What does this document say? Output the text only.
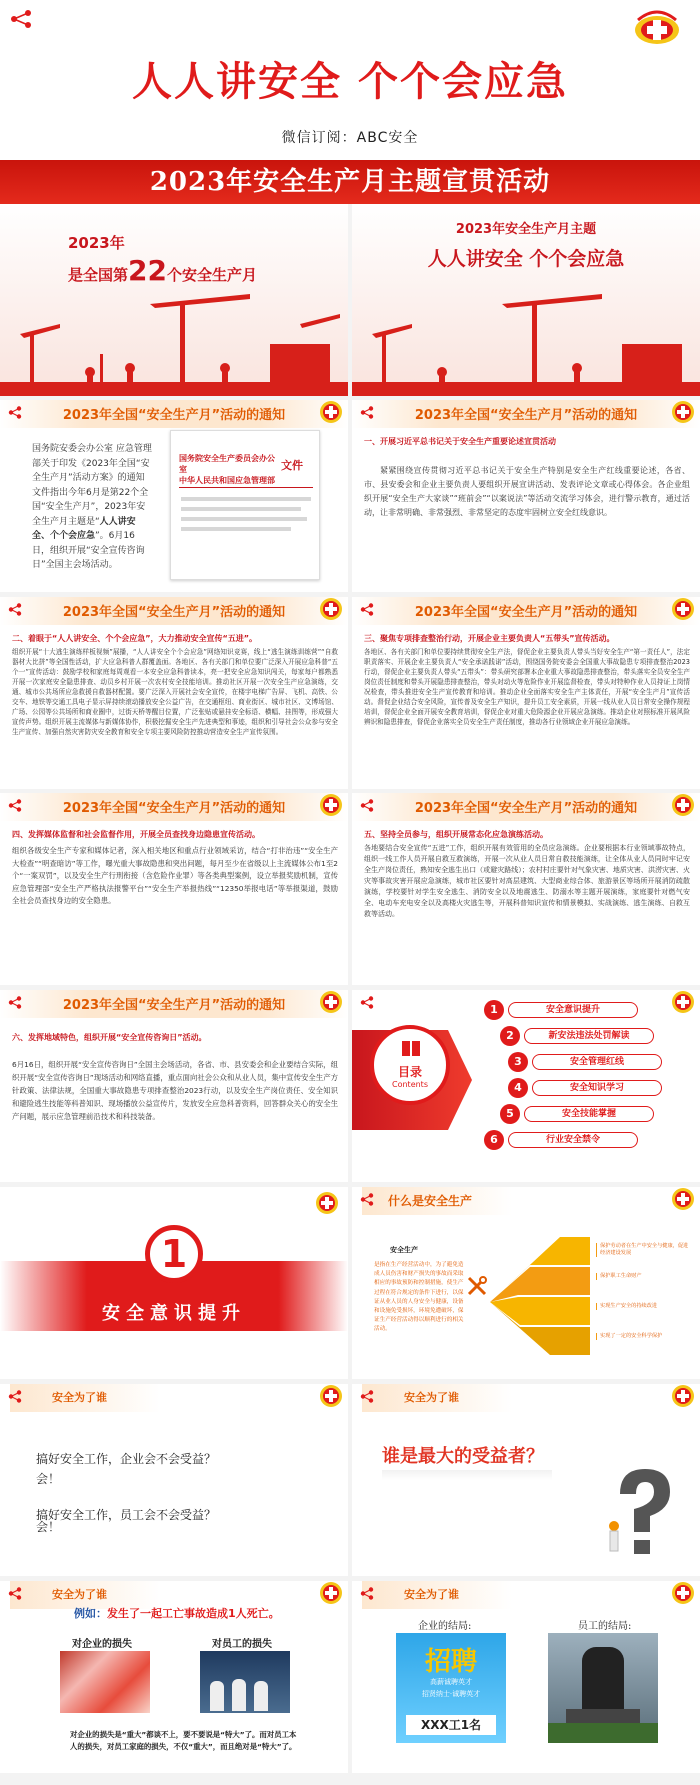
人人讲安全 个个会应急
微信订阅：ABC安全
2023年安全生产月主题宣贯活动
2023年
是全国第22个安全生产月
2023年安全生产月主题
人人讲安全 个个会应急
2023年全国“安全生产月”活动的通知
国务院安委会办公室 应急管理部关于印发《2023年全国“安全生产月”活动方案》的通知文件指出今年6月是第22个全国“安全生产月”，2023年安全生产月主题是“人人讲安全、个个会应急”。6月16日，组织开展“安全宣传咨询日”全国主会场活动。
国务院安全生产委员会办公室
中华人民共和国应急管理部
文件
2023年全国“安全生产月”活动的通知
一、开展习近平总书记关于安全生产重要论述宣贯活动
紧紧围绕宣传贯彻习近平总书记关于安全生产特别是安全生产红线重要论述，各省、市、县安委会和企业主要负责人要组织开展宣讲活动、发表评论文章或心得体会。各企业组织开展“安全生产大家谈”“班前会”“以案说法”等活动交流学习体会，进行警示教育，通过活动，让非常明确、非常强烈、非常坚定的态度牢固树立安全红线意识。
2023年全国“安全生产月”活动的通知
二、着眼于“人人讲安全、个个会应急”，大力推动安全宣传“五进”。
组织开展“十大逃生演练样板视频”展播，“人人讲安全个个会应急”网络知识竞赛，线上“逃生演练训练营”“自救器材大比拼”等全国性活动，扩大应急科普人群覆盖面。各地区、各有关部门和单位要广泛深入开展应急科普“五个一”宣传活动：鼓励学校和家庭每周观看一本安全应急科普读本，亮一把安全应急知识闯关，每家每户都熟悉开展一次家庭安全隐患排查、动员乡村开展一次农村安全技能培训。推动社区开展一次安全生产应急演练，交通、城市公共场所应急救援自救器材配置。要广泛深入开展社会安全宣传，在楼宇电梯广告屏、飞机、高铁、公交车、地铁等交通工具电子显示屏持续滚动播放安全公益广告，在交通枢纽、商业街区、城市社区、文博场馆、广场、公园等公共场所和商业圈中，过街天桥等醒目位置，广泛张贴或悬挂安全标语、横幅、挂图等，形成强大宣传声势。组织开展主流媒体与新媒体协作，积极挖掘安全生产先进典型和事迹，组织和引导社会公众参与安全生产宣传、加强自然灾害防灾安全教育和安全专项主要风险防控推动营造安全生产宣传氛围。
2023年全国“安全生产月”活动的通知
三、聚焦专项排查整治行动，开展企业主要负责人“五带头”宣传活动。
各地区、各有关部门和单位要持续贯彻安全生产法，督促企业主要负责人带头当好安全生产“第一责任人”，法定职责落实、开展企业主要负责人“安全承诺践诺”活动，围绕国务院安委会全国重大事故隐患专项排查整治2023行动，督促企业主要负责人带头“五带头”：带头研究部署本企业重大事故隐患排查整治，带头落实全员安全生产岗位责任制度和带头开展隐患排查整治，带头对动火等危险作业开展监督检查，带头对特种作业人员持证上岗情况检查，带头推进安全生产宣传教育和培训。推动企业全面落实安全生产主体责任，开展“安全生产月”宣传活动。督促企业结合安全风险，宣传普及安全生产知识，提升员工安全素质，开展一线从业人员日常安全操作规程培训，督促企业全面开展安全教育培训，督促企业对重大危险源企业开展应急演练。推动企业对照标准开展风险辨识和隐患排查，督促企业落实全员安全生产责任制度，推动各行业领域企业开展应急演练。
2023年全国“安全生产月”活动的通知
四、发挥媒体监督和社会监督作用，开展全员查找身边隐患宣传活动。
组织各级安全生产专家和媒体记者，深入相关地区和重点行业领域采访，结合“打非治违”“安全生产大检查”“明查暗访”等工作，曝光重大事故隐患和突出问题，每月至少在省级以上主流媒体公布1至2个“一案双罚”，以及安全生产行刑衔接（含危险作业罪）等各类典型案例，设立举报奖励机制，宣传应急管理部“安全生产严格执法报警平台”“安全生产举报热线”“12350举报电话”等举报渠道，鼓励全社会员查找身边的安全隐患。
2023年全国“安全生产月”活动的通知
五、坚持全员参与，组织开展常态化应急演练活动。
各地要结合安全宣传“五进”工作，组织开展有效管用的全员应急演练。企业要根据本行业领域事故特点，组织一线工作人员开展自救互救演练，开展一次从业人员日常自救技能演练，让全体从业人员同时牢记安全生产岗位责任，熟知安全逃生出口（或避灾路线）；农村村庄要针对气象灾害、地质灾害、洪涝灾害、火灾等事故灾害开展应急演练，城市社区要针对高层建筑、大型商业综合体、旅游景区等场所开展消防疏散演练，学校要针对学生安全逃生、消防安全以及地震逃生、防溺水等主题开展演练，家庭要针对燃气安全、电动车充电安全以及高楼火灾逃生等，开展科普知识宣传和情景模拟、实战演练、逃生演练、自救互救等活动。
2023年全国“安全生产月”活动的通知
六、发挥地域特色，组织开展“安全宣传咨询日”活动。
6月16日，组织开展“安全宣传咨询日”全国主会场活动，各省、市、县安委会和企业要结合实际，组织开展“安全宣传咨询日”现场活动和网络直播，重点面向社会公众和从业人员，集中宣传安全生产方针政策、法律法规，全国重大事故隐患专项排查整治2023行动，以及安全生产岗位责任、安全知识和避险逃生技能等科普知识、现场播放公益宣传片，发放安全应急科普资料，回答群众关心的安全生产问题，展示应急管理前沿技术和科技装备。
目录
Contents
1	安全意识提升
2	新安法违法处罚解读
3	安全管理红线
4	安全知识学习
5	安全技能掌握
6	行业安全禁令
1
安全意识提升
什么是安全生产
安全生产
是指在生产经营活动中，为了避免造成人员伤害和财产损失的事故而采取相应的事故预防和控制措施，使生产过程在符合规定的条件下进行，以保证从业人员的人身安全与健康，设备和设施免受损坏，环境免遭破坏，保证生产经营活动得以顺利进行的相关活动。
保护劳动者在生产中安全与健康，促进经济建设发展
保护职工生命财产
实现生产安全的持续改进
实现了一定的安全科学保护
安全为了谁
搞好安全工作，企业会不会受益？
会！
搞好安全工作，员工会不会受益？
会！
安全为了谁
谁是最大的受益者？
安全为了谁
例如：发生了一起工亡事故造成1人死亡。
对企业的损失	对员工的损失
对企业的损失是“重大”都谈不上，要不要说是“特大”了。而对员工本人的损失，对员工家庭的损失，不仅“重大”，而且绝对是“特大”了。
安全为了谁
企业的结局:	员工的结局:
招聘
高薪诚聘英才
招贤纳士·诚聘英才
XXX工1名
